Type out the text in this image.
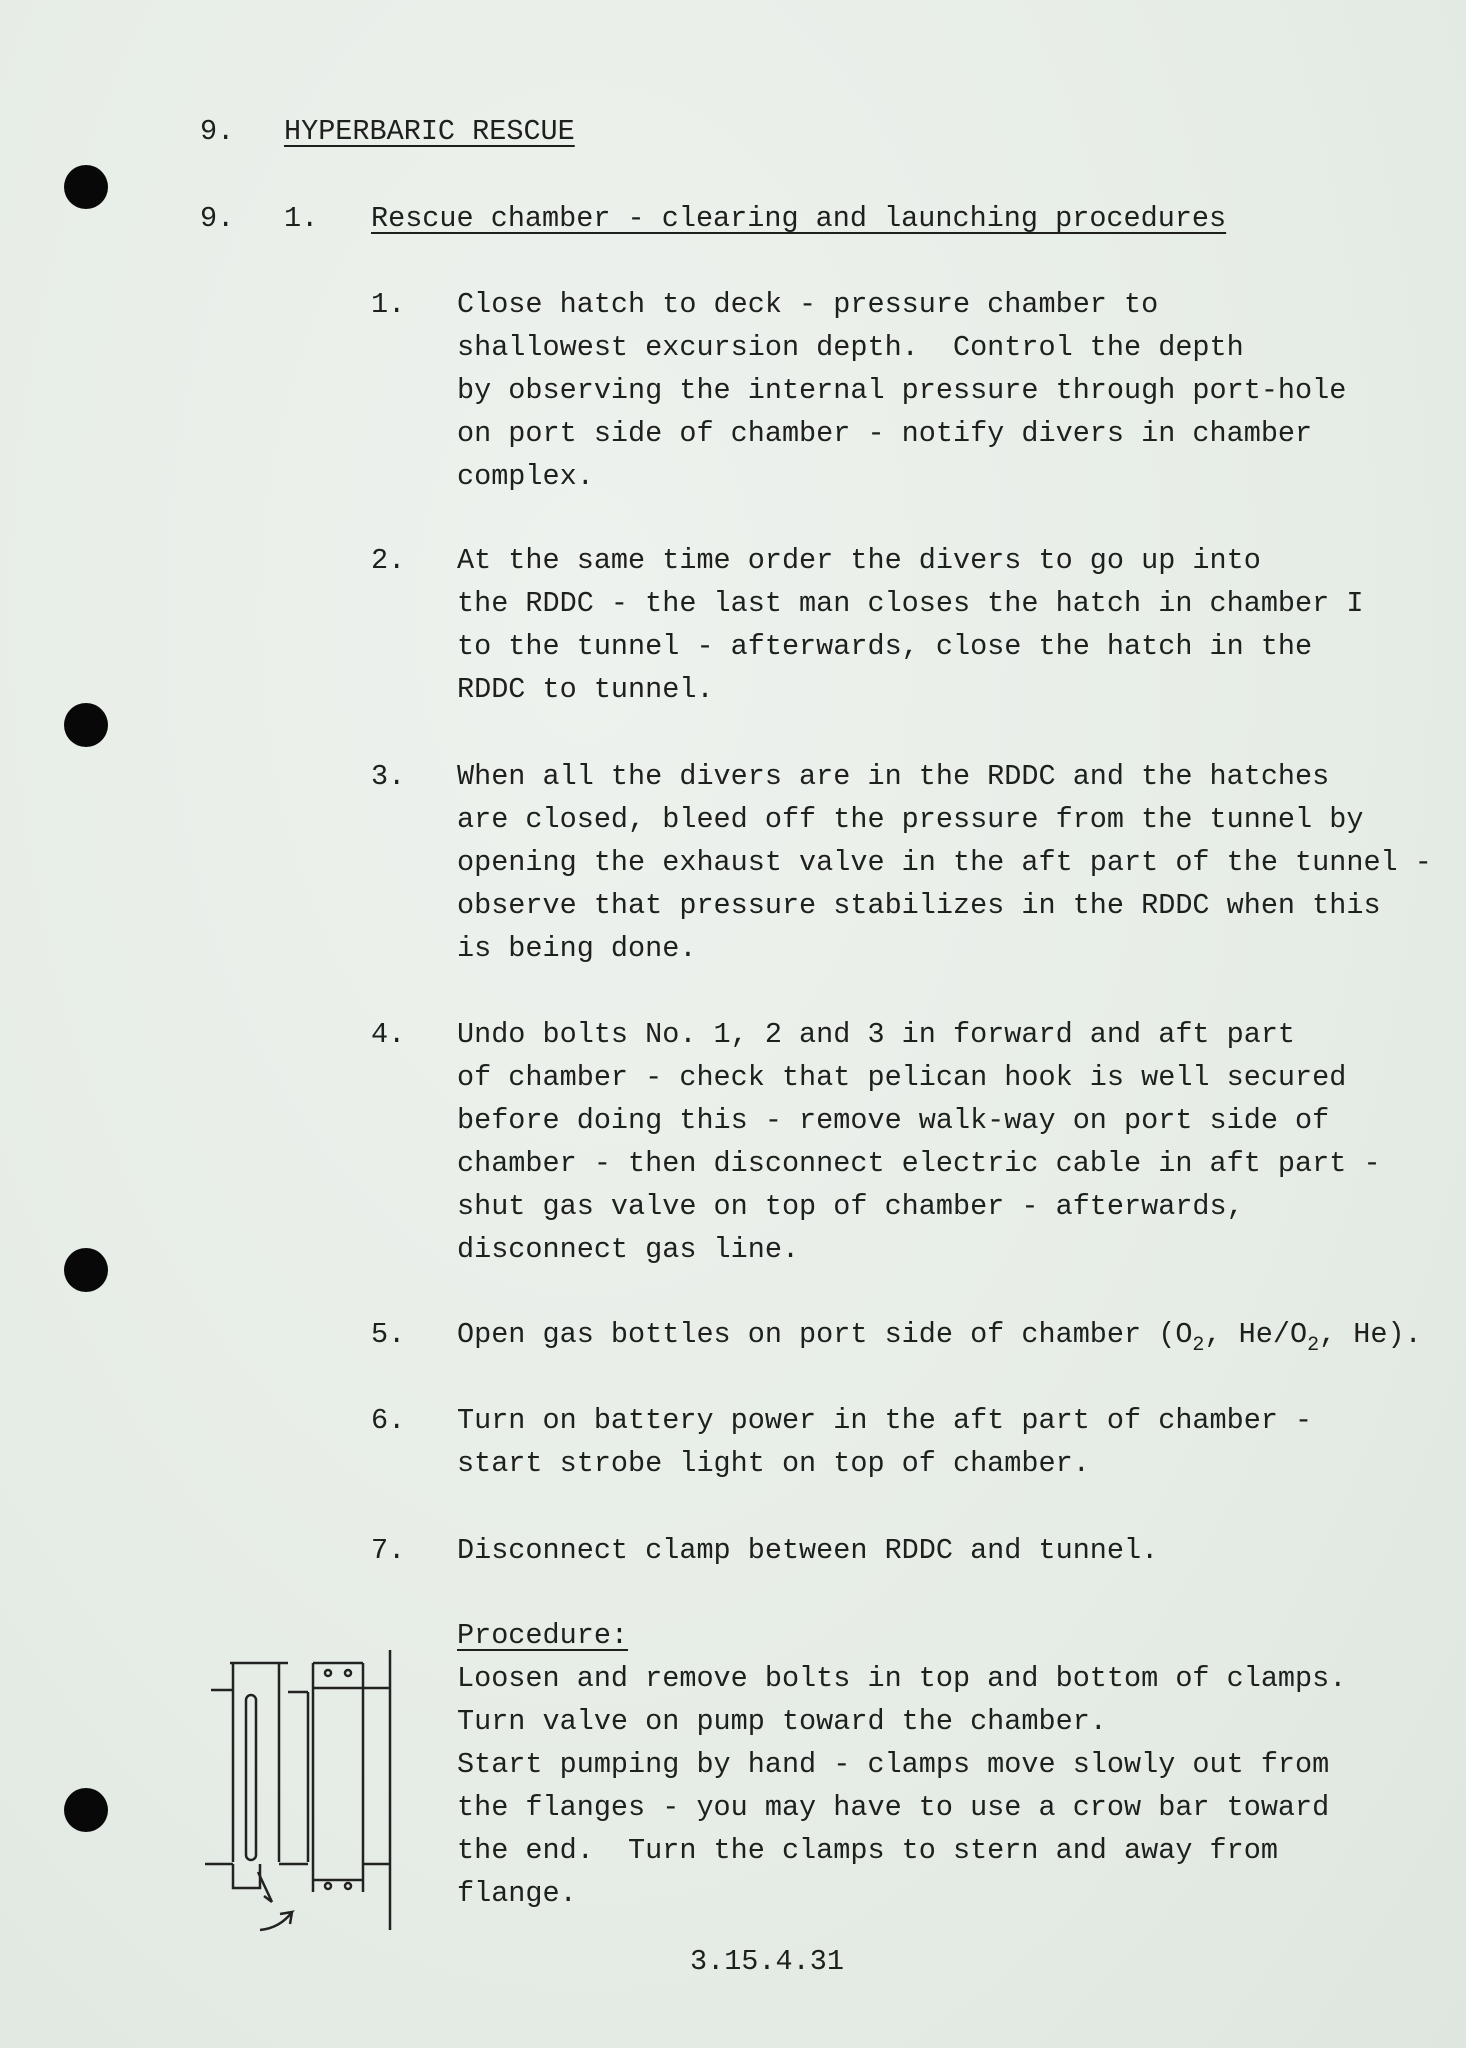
9. HYPERBARIC RESCUE
9. 1. Rescue chamber - clearing and launching procedures
1. Close hatch to deck - pressure chamber to
shallowest excursion depth.  Control the depth
by observing the internal pressure through port-hole
on port side of chamber - notify divers in chamber
complex.
2. At the same time order the divers to go up into
the RDDC - the last man closes the hatch in chamber I
to the tunnel - afterwards, close the hatch in the
RDDC to tunnel.
3. When all the divers are in the RDDC and the hatches
are closed, bleed off the pressure from the tunnel by
opening the exhaust valve in the aft part of the tunnel -
observe that pressure stabilizes in the RDDC when this
is being done.
4. Undo bolts No. 1, 2 and 3 in forward and aft part
of chamber - check that pelican hook is well secured
before doing this - remove walk-way on port side of
chamber - then disconnect electric cable in aft part -
shut gas valve on top of chamber - afterwards,
disconnect gas line.
5. Open gas bottles on port side of chamber ($O_2$, $He/O_2$, He).
6. Turn on battery power in the aft part of chamber -
start strobe light on top of chamber.
7. Disconnect clamp between RDDC and tunnel.
Procedure:
Loosen and remove bolts in top and bottom of clamps.
Turn valve on pump toward the chamber.
Start pumping by hand - clamps move slowly out from
the flanges - you may have to use a crow bar toward
the end.  Turn the clamps to stern and away from
flange.
3.15.4.31
